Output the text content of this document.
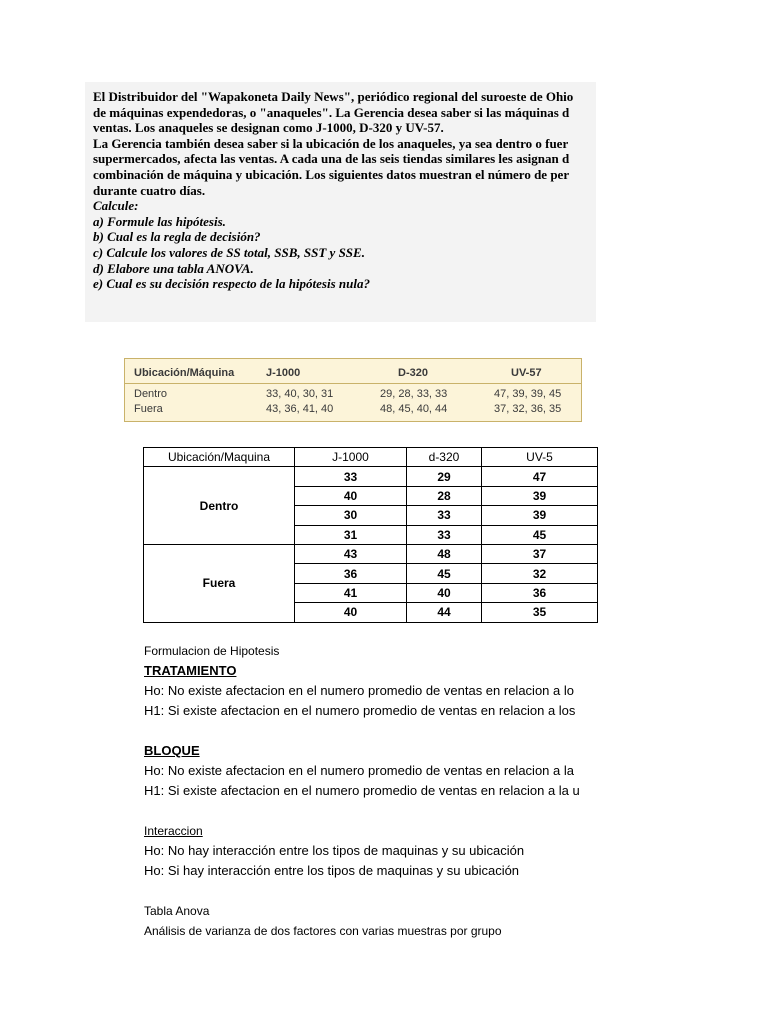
El Distribuidor del "Wapakoneta Daily News", periódico regional del suroeste de Ohio
de máquinas expendedoras, o "anaqueles". La Gerencia desea saber si las máquinas d
ventas. Los anaqueles se designan como J-1000, D-320 y UV-57.
La Gerencia también desea saber si la ubicación de los anaqueles, ya sea dentro o fuer
supermercados, afecta las ventas. A cada una de las seis tiendas similares les asignan d
combinación de máquina y ubicación. Los siguientes datos muestran el número de per
durante cuatro días.
Calcule:
a) Formule las hipótesis.
b) Cual es la regla de decisión?
c) Calcule los valores de SS total, SSB, SST y SSE.
d) Elabore una tabla ANOVA.
e) Cual es su decisión respecto de la hipótesis nula?
Ubicación/Máquina	J-1000	D-320	UV-57
Dentro	33, 40, 30, 31	29, 28, 33, 33	47, 39, 39, 45
Fuera	43, 36, 41, 40	48, 45, 40, 44	37, 32, 36, 35
Ubicación/Maquina	J-1000	d-320	UV-5
Dentro	33	29	47
	40	28	39
	30	33	39
	31	33	45
Fuera	43	48	37
	36	45	32
	41	40	36
	40	44	35
Formulacion de Hipotesis
TRATAMIENTO
Ho: No existe afectacion en el numero promedio de ventas en relacion a lo
H1: Si existe afectacion en el numero promedio de ventas en relacion a los
BLOQUE
Ho: No existe afectacion en el numero promedio de ventas en relacion a la
H1: Si existe afectacion en el numero promedio de ventas en relacion a la u
Interaccion
Ho: No hay interacción entre los tipos de maquinas y su ubicación
Ho: Si hay interacción entre los tipos de maquinas y su ubicación
Tabla Anova
Análisis de varianza de dos factores con varias muestras por grupo
